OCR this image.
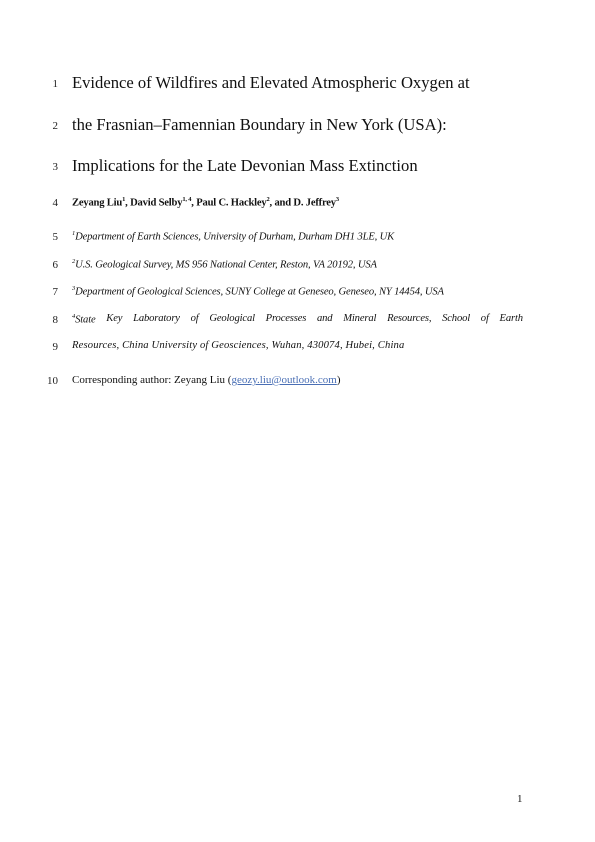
1
2
3
4
5
6
7
8
9
10
Evidence of Wildfires and Elevated Atmospheric Oxygen at
the Frasnian–Famennian Boundary in New York (USA):
Implications for the Late Devonian Mass Extinction
Zeyang Liu$^1$, David Selby$^{1, 4}$, Paul C. Hackley$^2$, and D. Jeffrey$^3$
$^1$Department of Earth Sciences, University of Durham, Durham DH1 3LE, UK
$^2$U.S. Geological Survey, MS 956 National Center, Reston, VA 20192, USA
$^3$Department of Geological Sciences, SUNY College at Geneseo, Geneseo, NY 14454, USA
$^4$State Key Laboratory of Geological Processes and Mineral Resources, School of Earth
Resources, China University of Geosciences, Wuhan, 430074, Hubei, China
Corresponding author: Zeyang Liu (geozy.liu@outlook.com)
1
